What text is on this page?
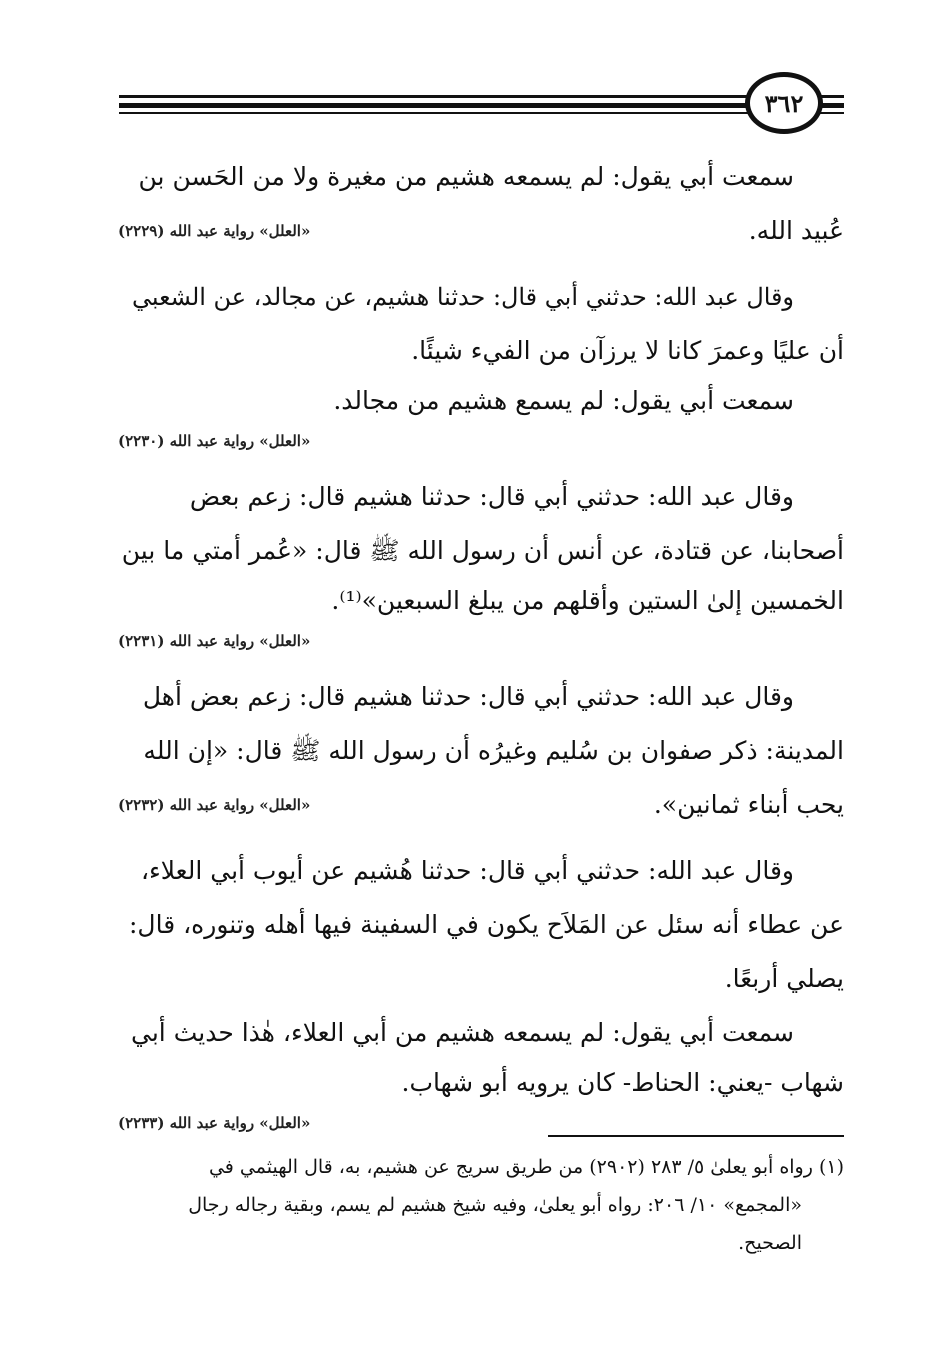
٣٦٢
سمعت أبي يقول: لم يسمعه هشيم من مغيرة ولا من الحَسن بن
عُبيد الله.
«العلل» رواية عبد الله (٢٢٢٩)
وقال عبد الله: حدثني أبي قال: حدثنا هشيم، عن مجالد، عن الشعبي
أن عليًا وعمرَ كانا لا يرزآن من الفيء شيئًا.
سمعت أبي يقول: لم يسمع هشيم من مجالد.
«العلل» رواية عبد الله (٢٢٣٠)
وقال عبد الله: حدثني أبي قال: حدثنا هشيم قال: زعم بعض
أصحابنا، عن قتادة، عن أنس أن رسول الله ﷺ قال: «عُمر أمتي ما بين
الخمسين إلىٰ الستين وأقلهم من يبلغ السبعين»⁽¹⁾.
«العلل» رواية عبد الله (٢٢٣١)
وقال عبد الله: حدثني أبي قال: حدثنا هشيم قال: زعم بعض أهل
المدينة: ذكر صفوان بن سُليم وغيرُه أن رسول الله ﷺ قال: «إن الله
يحب أبناء ثمانين».
«العلل» رواية عبد الله (٢٢٣٢)
وقال عبد الله: حدثني أبي قال: حدثنا هُشيم عن أيوب أبي العلاء،
عن عطاء أنه سئل عن المَلاَح يكون في السفينة فيها أهله وتنوره، قال:
يصلي أربعًا.
سمعت أبي يقول: لم يسمعه هشيم من أبي العلاء، هٰذا حديث أبي
شهاب -يعني: الحناط- كان يرويه أبو شهاب.
«العلل» رواية عبد الله (٢٢٣٣)
(١) رواه أبو يعلىٰ ٥/ ٢٨٣ (٢٩٠٢) من طريق سريج عن هشيم، به، قال الهيثمي في
«المجمع» ١٠/ ٢٠٦: رواه أبو يعلىٰ، وفيه شيخ هشيم لم يسم، وبقية رجاله رجال
الصحيح.
